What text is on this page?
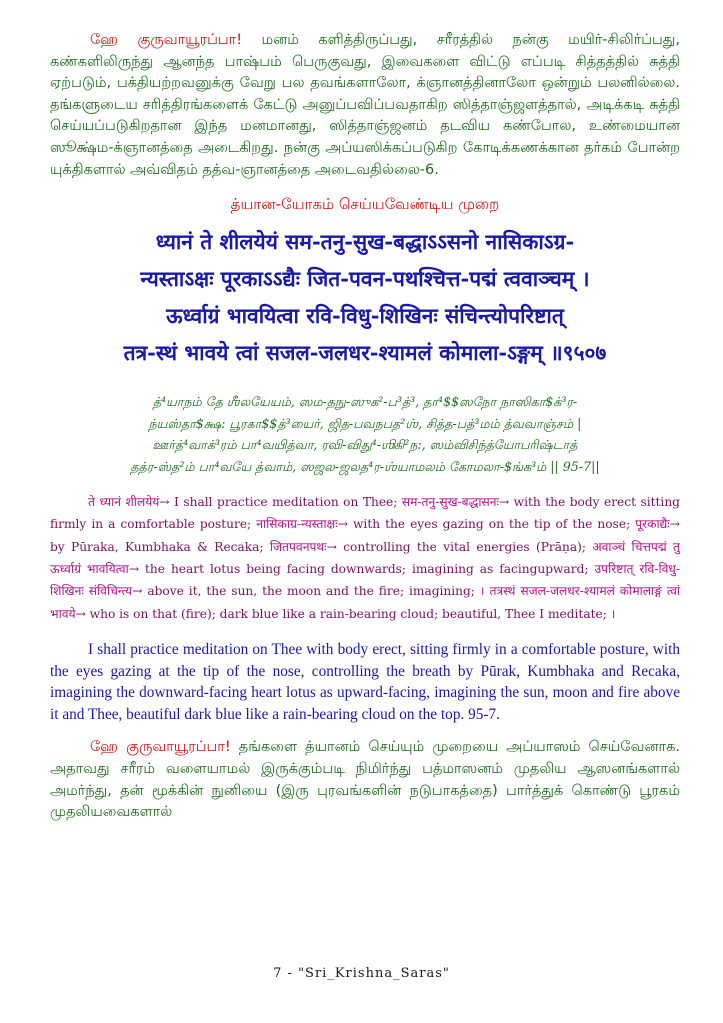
ஹே குருவாயூரப்பா! மனம் களித்திருப்பது, சரீரத்தில் நன்கு மயிர்-சிலிர்ப்பது, கண்களிலிருந்து ஆனந்த பாஷ்பம் பெருகுவது, இவைகளை விட்டு எப்படி சித்தத்தில் சுத்தி ஏற்படும், பக்தியற்றவனுக்கு வேறு பல தவங்களாலோ, க்ஞானத்தினாலோ ஒன்றும் பலனில்லை. தங்களுடைய சரித்திரங்களைக் கேட்டு அனுப்பவிப்பவதாகிற ஸித்தாஞ்ஜளத்தால், அடிக்கடி சுத்தி செய்யப்படுகிறதான இந்த மனமானது, ஸித்தாஞ்ஜனம் தடவிய கண்போல, உண்மையான ஸூக்ஷ்ம-க்ஞானத்தை அடைகிறது. நன்கு அப்யஸிக்கப்படுகிற கோடிக்கணக்கான தர்கம் போன்ற யுக்திகளால் அவ்விதம் தத்வ-ஞானத்தை அடைவதில்லை-6.

த்யான-யோகம் செய்யவேண்டிய முறை

ध्यानं ते शीलयेयं सम-तनु-सुख-बद्धाऽऽसनो नासिकाऽग्र-

न्यस्ताऽक्षः पूरकाऽऽद्यैः जित-पवन-पथश्चित्त-पद्मं त्ववाञ्चम् ।

ऊर्ध्वाग्रं भावयित्वा रवि-विधु-शिखिनः संचिन्त्योपरिष्टात्

तत्र-स्थं भावये त्वां सजल-जलधर-श्यामलं कोमाला-ऽङ्गम् ॥९५०७

த்⁴யாநம் தே ஶீலயேயம், ஸம-தநு-ஸுக²-ப³த்³, தா⁴$$ஸநோ நாஸிகா$க்³ர-
ந்யஸ்தா$க்ஷ: பூரகா$$த்³யைர், ஜித-பவநபத²ஶ், சித்த-பத்³மம் த்வவாஞ்சம் |
ஊர்த்⁴வாக்³ரம் பா⁴வயித்வா, ரவி-விது⁴-ஶிகி²ந:, ஸம்விசிந்த்யோபரிஷ்டாத்
தத்ர-ஸ்த²ம் பா⁴வயே த்வாம், ஸஜல-ஜலத⁴ர-ஶ்யாமலம் கோமலா-$ங்க³ம் || 95-7||

ते ध्यानं शीलयेयं→ I shall practice meditation on Thee; सम-तनु-सुख-बद्धासनः→ with the body erect sitting firmly in a comfortable posture; नासिकाग्र-न्यस्ताक्षः→ with the eyes gazing on the tip of the nose; पूरकाद्यैः→ by Pūraka, Kumbhaka & Recaka; जितपवनपथः→ controlling the vital energies (Prāṇa); अवाञ्चं चित्तपद्मं तु ऊर्ध्वाग्रं भावयित्वा→ the heart lotus being facing downwards; imagining as facingupward; उपरिष्टात् रवि-विधु-शिखिनः संविचिन्त्य→ above it, the sun, the moon and the fire; imagining; । तत्रस्थं सजल-जलधर-श्यामलं कोमालाङ्गं त्वां भावये→ who is on that (fire); dark blue like a rain-bearing cloud; beautiful, Thee I meditate; ।

I shall practice meditation on Thee with body erect, sitting firmly in a comfortable posture, with the eyes gazing at the tip of the nose, controlling the breath by Pūrak, Kumbhaka and Recaka, imagining the downward-facing heart lotus as upward-facing, imagining the sun, moon and fire above it and Thee, beautiful dark blue like a rain-bearing cloud on the top. 95-7.

ஹே குருவாயூரப்பா! தங்களை த்யானம் செய்யும் முறையை அப்யாஸம் செய்வேனாக. அதாவது சரீரம் வளையாமல் இருக்கும்படி நிமிர்ந்து பத்மாஸனம் முதலிய ஆஸனங்களால் அமர்ந்து, தன் மூக்கின் நுனியை (இரு புரவங்களின் நடுபாகத்தை) பார்த்துக் கொண்டு பூரகம் முதலியவைகளால்

7 - "Sri_Krishna_Saras"
